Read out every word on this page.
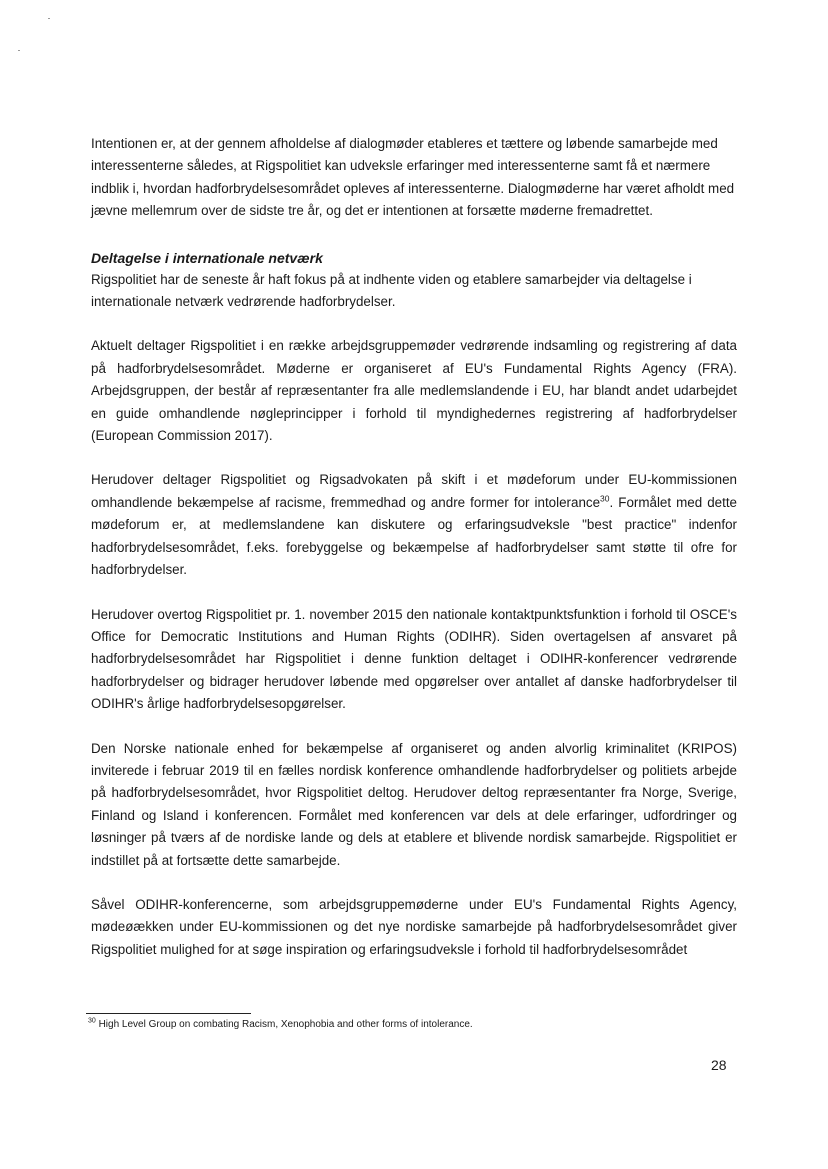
Intentionen er, at der gennem afholdelse af dialogmøder etableres et tættere og løbende samarbejde med interessenterne således, at Rigspolitiet kan udveksle erfaringer med interessenterne samt få et nærmere indblik i, hvordan hadforbrydelsesområdet opleves af interessenterne. Dialogmøderne har været afholdt med jævne mellemrum over de sidste tre år, og det er intentionen at forsætte møderne fremadrettet.

Deltagelse i internationale netværk

Rigspolitiet har de seneste år haft fokus på at indhente viden og etablere samarbejder via deltagelse i internationale netværk vedrørende hadforbrydelser.

Aktuelt deltager Rigspolitiet i en række arbejdsgruppemøder vedrørende indsamling og registrering af data på hadforbrydelsesområdet. Møderne er organiseret af EU's Fundamental Rights Agency (FRA). Arbejdsgruppen, der består af repræsentanter fra alle medlemslandende i EU, har blandt andet udarbejdet en guide omhandlende nøgleprincipper i forhold til myndighedernes registrering af hadforbrydelser (European Commission 2017).

Herudover deltager Rigspolitiet og Rigsadvokaten på skift i et mødeforum under EU-kommissionen omhandlende bekæmpelse af racisme, fremmedhad og andre former for intolerance$^{30}$. Formålet med dette mødeforum er, at medlemslandene kan diskutere og erfaringsudveksle "best practice" indenfor hadforbrydelsesområdet, f.eks. forebyggelse og bekæmpelse af hadforbrydelser samt støtte til ofre for hadforbrydelser.

Herudover overtog Rigspolitiet pr. 1. november 2015 den nationale kontaktpunktsfunktion i forhold til OSCE's Office for Democratic Institutions and Human Rights (ODIHR). Siden overtagelsen af ansvaret på hadforbrydelsesområdet har Rigspolitiet i denne funktion deltaget i ODIHR-konferencer vedrørende hadforbrydelser og bidrager herudover løbende med opgørelser over antallet af danske hadforbrydelser til ODIHR's årlige hadforbrydelsesopgørelser.

Den Norske nationale enhed for bekæmpelse af organiseret og anden alvorlig kriminalitet (KRIPOS) inviterede i februar 2019 til en fælles nordisk konference omhandlende hadforbrydelser og politiets arbejde på hadforbrydelsesområdet, hvor Rigspolitiet deltog. Herudover deltog repræsentanter fra Norge, Sverige, Finland og Island i konferencen. Formålet med konferencen var dels at dele erfaringer, udfordringer og løsninger på tværs af de nordiske lande og dels at etablere et blivende nordisk samarbejde. Rigspolitiet er indstillet på at fortsætte dette samarbejde.

Såvel ODIHR-konferencerne, som arbejdsgruppemøderne under EU's Fundamental Rights Agency, mødeøækken under EU-kommissionen og det nye nordiske samarbejde på hadforbrydelsesområdet giver Rigspolitiet mulighed for at søge inspiration og erfaringsudveksle i forhold til hadforbrydelsesområdet

$^{30}$ High Level Group on combating Racism, Xenophobia and other forms of intolerance.
28
